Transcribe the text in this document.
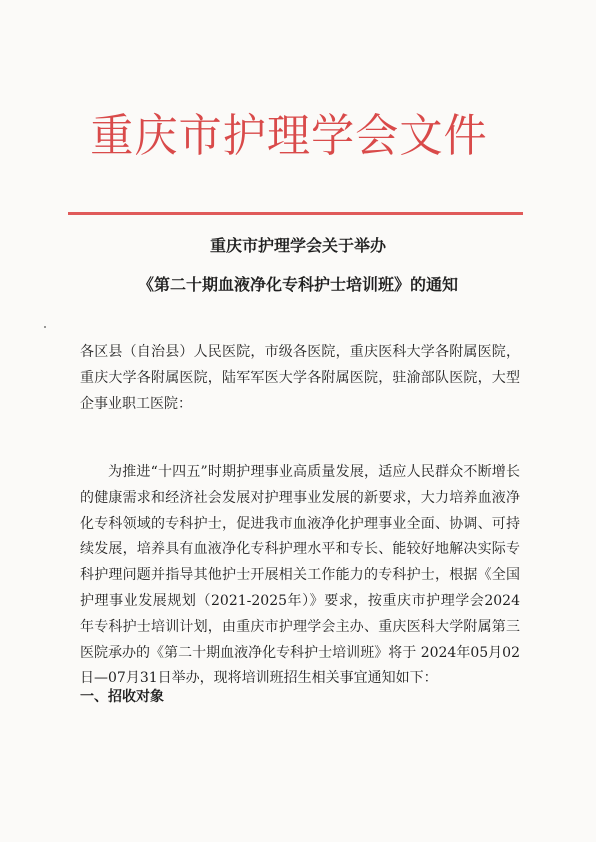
重庆市护理学会文件
重庆市护理学会关于举办
《第二十期血液净化专科护士培训班》的通知
各区县（自治县）人民医院，市级各医院，重庆医科大学各附属医院，重庆大学各附属医院，陆军军医大学各附属医院，驻渝部队医院，大型企事业职工医院：
为推进“十四五”时期护理事业高质量发展，适应人民群众不断增长的健康需求和经济社会发展对护理事业发展的新要求，大力培养血液净化专科领域的专科护士，促进我市血液净化护理事业全面、协调、可持续发展，培养具有血液净化专科护理水平和专长、能较好地解决实际专科护理问题并指导其他护士开展相关工作能力的专科护士，根据《全国护理事业发展规划（2021-2025年）》要求，按重庆市护理学会2024年专科护士培训计划，由重庆市护理学会主办、重庆医科大学附属第三医院承办的《第二十期血液净化专科护士培训班》将于 2024年05月02日—07月31日举办，现将培训班招生相关事宜通知如下：
一、招收对象
